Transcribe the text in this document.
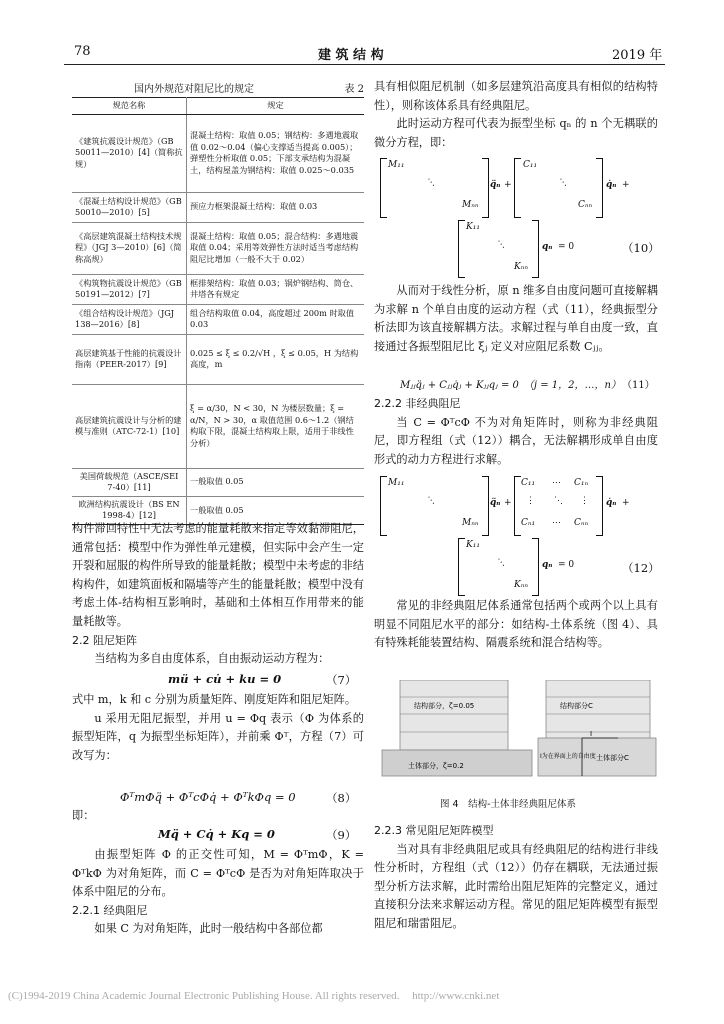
78	建 筑 结 构	2019 年
国内外规范对阻尼比的规定	表 2
规范名称	规定
《建筑抗震设计规范》（GB 50011—2010）[4]（简称抗规）	混凝土结构：取值 0.05；钢结构：多遇地震取值 0.02～0.04（偏心支撑适当提高 0.005）；弹塑性分析取值 0.05；下部支承结构为混凝土，结构屋盖为钢结构：取值 0.025～0.035
《混凝土结构设计规范》（GB 50010—2010）[5]	预应力框架混凝土结构：取值 0.03
《高层建筑混凝土结构技术规程》（JGJ 3—2010）[6]（简称高规）	混凝土结构：取值 0.05；混合结构：多遇地震取值 0.04；采用等效弹性方法时适当考虑结构阻尼比增加（一般不大于 0.02）
《构筑物抗震设计规范》（GB 50191—2012）[7]	框排架结构：取值 0.03；锅炉钢结构、筒仓、井塔各有规定
《组合结构设计规范》（JGJ 138—2016）[8]	组合结构取值 0.04，高度超过 200m 时取值 0.03
高层建筑基于性能的抗震设计指南（PEER-2017）[9]	0.025 ≤ ξ ≤ 0.2/√H ，ξ ≤ 0.05，H 为结构高度，m
高层建筑抗震设计与分析的建模与准则（ATC-72-1）[10]	ξ = α/30，N < 30，N 为楼层数量；ξ = α/N，N > 30，α 取值范围 0.6～1.2（钢结构取下限，混凝土结构取上限，适用于非线性分析）
美国荷载规范（ASCE/SEI 7-40）[11]	一般取值 0.05
欧洲结构抗震设计（BS EN 1998-4）[12]	一般取值 0.05

构件滞回特性中无法考虑的能量耗散来指定等效黏滞阻尼，通常包括：模型中作为弹性单元建模，但实际中会产生一定开裂和屈服的构件所导致的能量耗散；模型中未考虑的非结构构件，如建筑面板和隔墙等产生的能量耗散；模型中没有考虑土体-结构相互影响时，基础和土体相互作用带来的能量耗散等。

2.2 阻尼矩阵

当结构为多自由度体系，自由振动运动方程为：

mü + cu̇ + ku = 0	（7）

式中 m，k 和 c 分别为质量矩阵、刚度矩阵和阻尼矩阵。

u 采用无阻尼振型，并用 u = Φq 表示（Φ 为体系的振型矩阵，q 为振型坐标矩阵），并前乘 Φᵀ，方程（7）可改写为：

ΦᵀmΦq̈ + ΦᵀcΦq̇ + ΦᵀkΦq = 0	（8）
即：
Mq̈ + Cq̇ + Kq = 0	（9）

由振型矩阵 Φ 的正交性可知，M = ΦᵀmΦ，K = ΦᵀkΦ 为对角矩阵，而 C = ΦᵀcΦ 是否为对角矩阵取决于体系中阻尼的分布。

2.2.1 经典阻尼

如果 C 为对角矩阵，此时一般结构中各部位都

具有相似阻尼机制（如多层建筑沿高度具有相似的结构特性），则称该体系具有经典阻尼。

此时运动方程可代表为振型坐标 qₙ 的 n 个无耦联的微分方程，即：

M₁₁
⋱
Mₙₙ
q̈ₙ +
C₁₁
⋱
Cₙₙ
q̇ₙ +
K₁₁
⋱
Kₙₙ
qₙ = 0	（10）

从而对于线性分析，原 n 维多自由度问题可直接解耦为求解 n 个单自由度的运动方程（式（11），经典振型分析法即为该直接解耦方法。求解过程与单自由度一致，直接通过各振型阻尼比 ξⱼ 定义对应阻尼系数 Cⱼⱼ。

Mⱼⱼq̈ⱼ + Cⱼⱼq̇ⱼ + Kⱼⱼqⱼ = 0　（j = 1，2，…，n） （11）

2.2.2 非经典阻尼

当 C = ΦᵀcΦ 不为对角矩阵时，则称为非经典阻尼，即方程组（式（12））耦合，无法解耦形成单自由度形式的动力方程进行求解。

M₁₁
⋱
Mₙₙ
q̈ₙ +
C₁₁ ⋯ C₁ₙ
⋮ ⋱ ⋮
Cₙ₁ ⋯ Cₙₙ
q̇ₙ +
K₁₁
⋱
Kₙₙ
qₙ = 0	（12）

常见的非经典阻尼体系通常包括两个或两个以上具有明显不同阻尼水平的部分：如结构-土体系统（图 4）、具有特殊耗能装置结构、隔震系统和混合结构等。

结构部分，ζ=0.05	结构部分C
I
I为在界面上的自由度
土体部分，ζ=0.2
土体部分C
图 4　结构-土体非经典阻尼体系

2.2.3 常见阻尼矩阵模型

当对具有非经典阻尼或具有经典阻尼的结构进行非线性分析时，方程组（式（12））仍存在耦联，无法通过振型分析方法求解，此时需给出阻尼矩阵的完整定义，通过直接积分法来求解运动方程。常见的阻尼矩阵模型有振型阻尼和瑞雷阻尼。

(C)1994-2019 China Academic Journal Electronic Publishing House. All rights reserved. http://www.cnki.net
